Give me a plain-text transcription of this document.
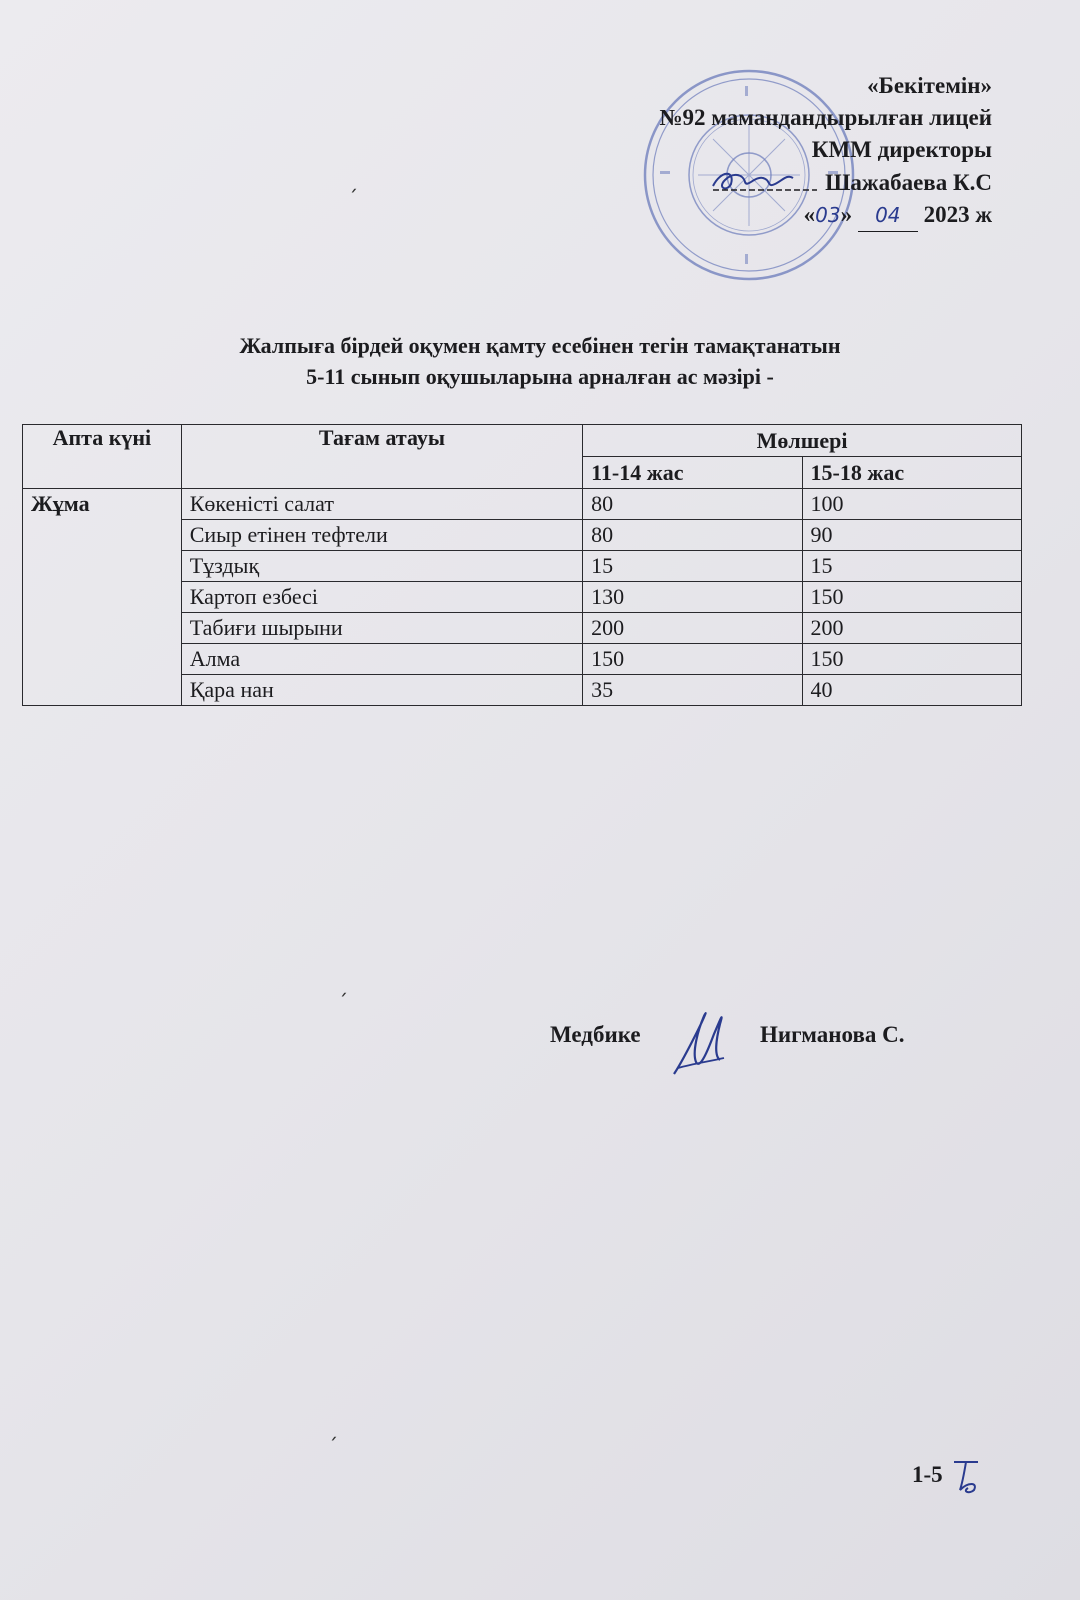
«Бекітемін»
№92 мамандандырылған лицей
КММ директоры
Шажабаева К.С
«03» 04 2023 ж
Жалпыға бірдей оқумен қамту есебінен тегін тамақтанатын
5-11 сынып оқушыларына арналған ас мәзірі -
Апта күні	Тағам атауы	Мөлшері	
		11-14 жас	15-18 жас
Жұма	Көкеністі салат	80	100
	Сиыр етінен тефтели	80	90
	Тұздық	15	15
	Картоп езбесі	130	150
	Табиғи шырыни	200	200
	Алма	150	150
	Қара нан	35	40
Медбике	Нигманова С.
1-5
ˊ
ˊ
ˊ
